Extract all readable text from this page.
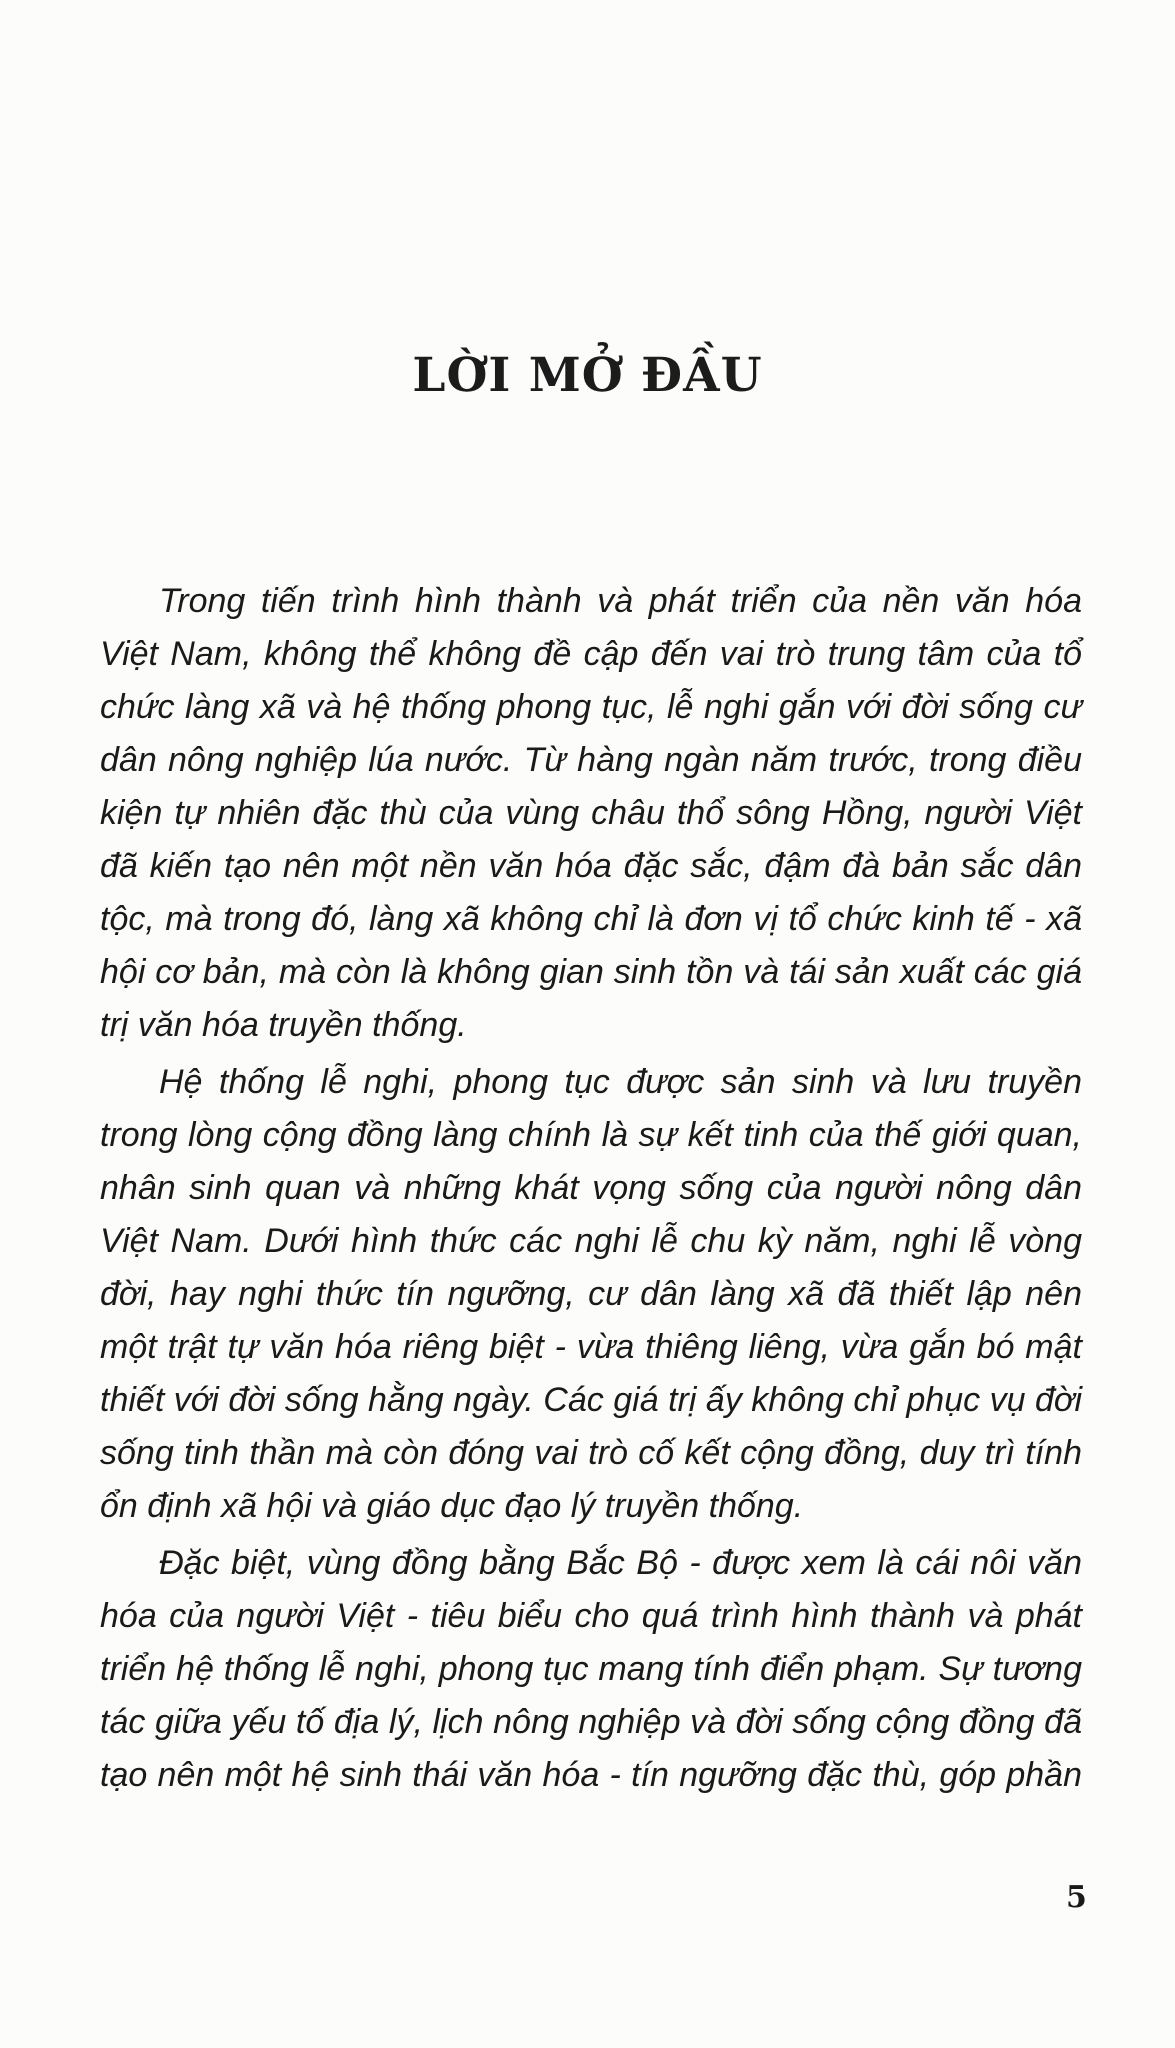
LỜI MỞ ĐẦU
Trong tiến trình hình thành và phát triển của nền văn hóa
Việt Nam, không thể không đề cập đến vai trò trung tâm của tổ
chức làng xã và hệ thống phong tục, lễ nghi gắn với đời sống cư
dân nông nghiệp lúa nước. Từ hàng ngàn năm trước, trong điều
kiện tự nhiên đặc thù của vùng châu thổ sông Hồng, người Việt
đã kiến tạo nên một nền văn hóa đặc sắc, đậm đà bản sắc dân
tộc, mà trong đó, làng xã không chỉ là đơn vị tổ chức kinh tế - xã
hội cơ bản, mà còn là không gian sinh tồn và tái sản xuất các giá
trị văn hóa truyền thống.
Hệ thống lễ nghi, phong tục được sản sinh và lưu truyền
trong lòng cộng đồng làng chính là sự kết tinh của thế giới quan,
nhân sinh quan và những khát vọng sống của người nông dân
Việt Nam. Dưới hình thức các nghi lễ chu kỳ năm, nghi lễ vòng
đời, hay nghi thức tín ngưỡng, cư dân làng xã đã thiết lập nên
một trật tự văn hóa riêng biệt - vừa thiêng liêng, vừa gắn bó mật
thiết với đời sống hằng ngày. Các giá trị ấy không chỉ phục vụ đời
sống tinh thần mà còn đóng vai trò cố kết cộng đồng, duy trì tính
ổn định xã hội và giáo dục đạo lý truyền thống.
Đặc biệt, vùng đồng bằng Bắc Bộ - được xem là cái nôi văn
hóa của người Việt - tiêu biểu cho quá trình hình thành và phát
triển hệ thống lễ nghi, phong tục mang tính điển phạm. Sự tương
tác giữa yếu tố địa lý, lịch nông nghiệp và đời sống cộng đồng đã
tạo nên một hệ sinh thái văn hóa - tín ngưỡng đặc thù, góp phần
5
